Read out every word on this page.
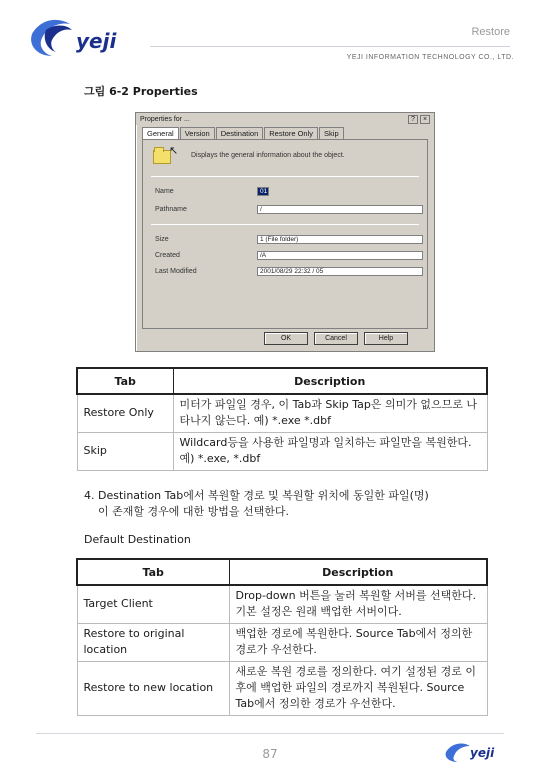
yeji	Restore
YEJI INFORMATION TECHNOLOGY CO., LTD.
그림 6-2 Properties
Properties for ...	?	×
General	Version	Destination	Restore Only	Skip
↖ Displays the general information about the object.
Name	01
Pathname	/
Size	1 (File folder)
Created	/A
Last Modified	2001/08/29 22:32 / 05
OK	Cancel	Help
Tab	Description
Restore Only	미터가 파일일 경우, 이 Tab과 Skip Tap은 의미가 없으므로 나타나지 않는다. 예) *.exe *.dbf
Skip	Wildcard등을 사용한 파일명과 일치하는 파일만을 복원한다. 예) *.exe, *.dbf
4. Destination Tab에서 복원할 경로 및 복원할 위치에 동일한 파일(명)
이 존재할 경우에 대한 방법을 선택한다.
Default Destination
Tab	Description
Target Client	Drop-down 버튼을 눌러 복원할 서버를 선택한다. 기본 설정은 원래 백업한 서버이다.
Restore to original location	백업한 경로에 복원한다. Source Tab에서 정의한 경로가 우선한다.
Restore to new location	새로운 복원 경로를 정의한다. 여기 설정된 경로 이후에 백업한 파일의 경로까지 복원된다. Source Tab에서 정의한 경로가 우선한다.
87	yeji
